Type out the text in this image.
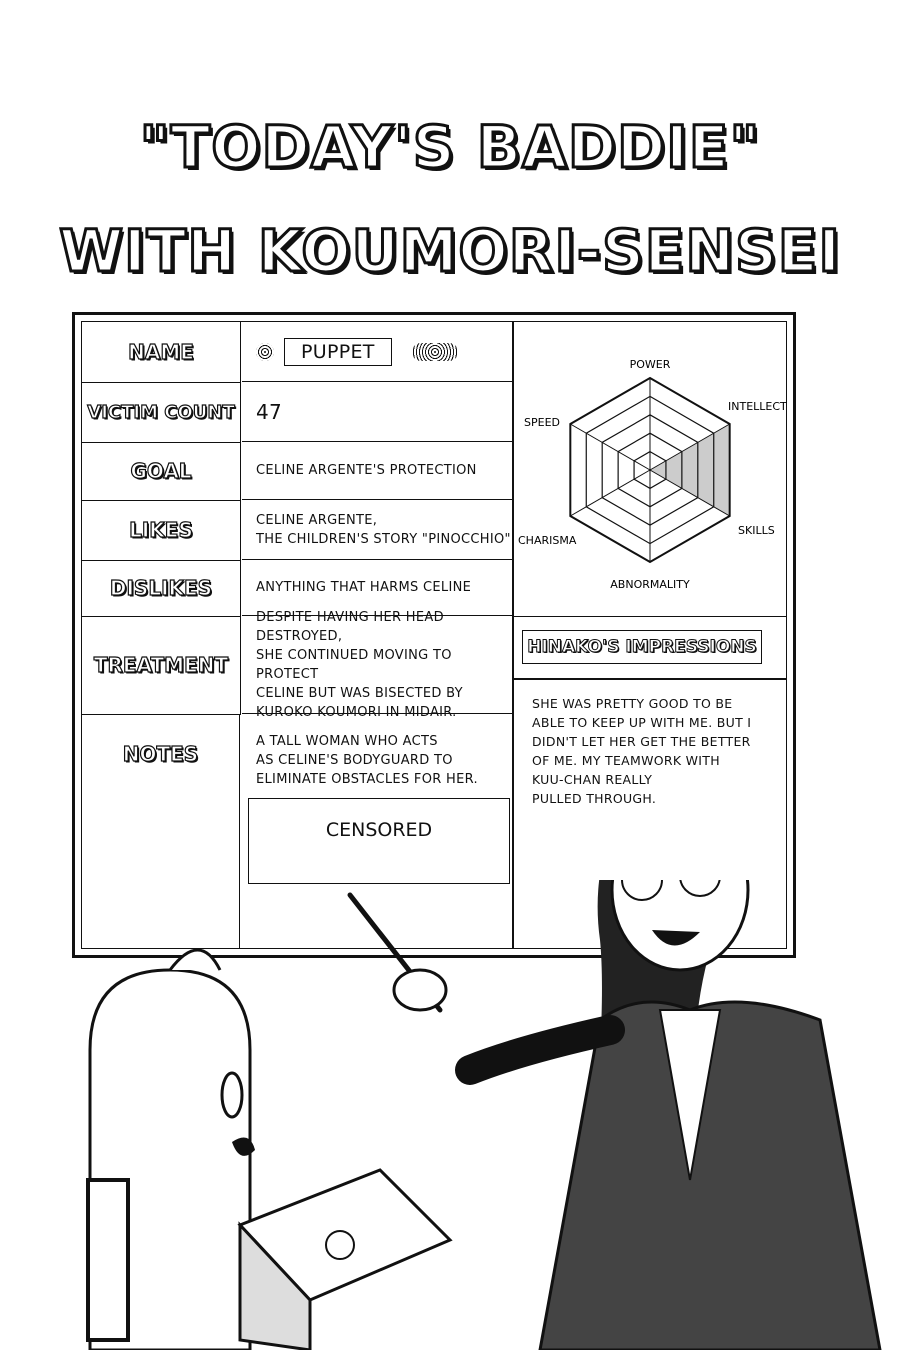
"TODAY'S BADDIE"
WITH KOUMORI-SENSEI
NAME	PUPPET
VICTIM COUNT	47
GOAL	CELINE ARGENTE'S PROTECTION
LIKES	CELINE ARGENTE,
THE CHILDREN'S STORY "PINOCCHIO"
DISLIKES	ANYTHING THAT HARMS CELINE
TREATMENT
DESPITE HAVING HER HEAD DESTROYED,
SHE CONTINUED MOVING TO PROTECT
CELINE BUT WAS BISECTED BY
KUROKO KOUMORI IN MIDAIR.
NOTES
A TALL WOMAN WHO ACTS
AS CELINE'S BODYGUARD TO
ELIMINATE OBSTACLES FOR HER.
CENSORED
POWER
INTELLECT
SKILLS
ABNORMALITY
CHARISMA
SPEED
HINAKO'S IMPRESSIONS
SHE WAS PRETTY GOOD TO BE
ABLE TO KEEP UP WITH ME. BUT I
DIDN'T LET HER GET THE BETTER
OF ME. MY TEAMWORK WITH
KUU-CHAN REALLY
PULLED THROUGH.
